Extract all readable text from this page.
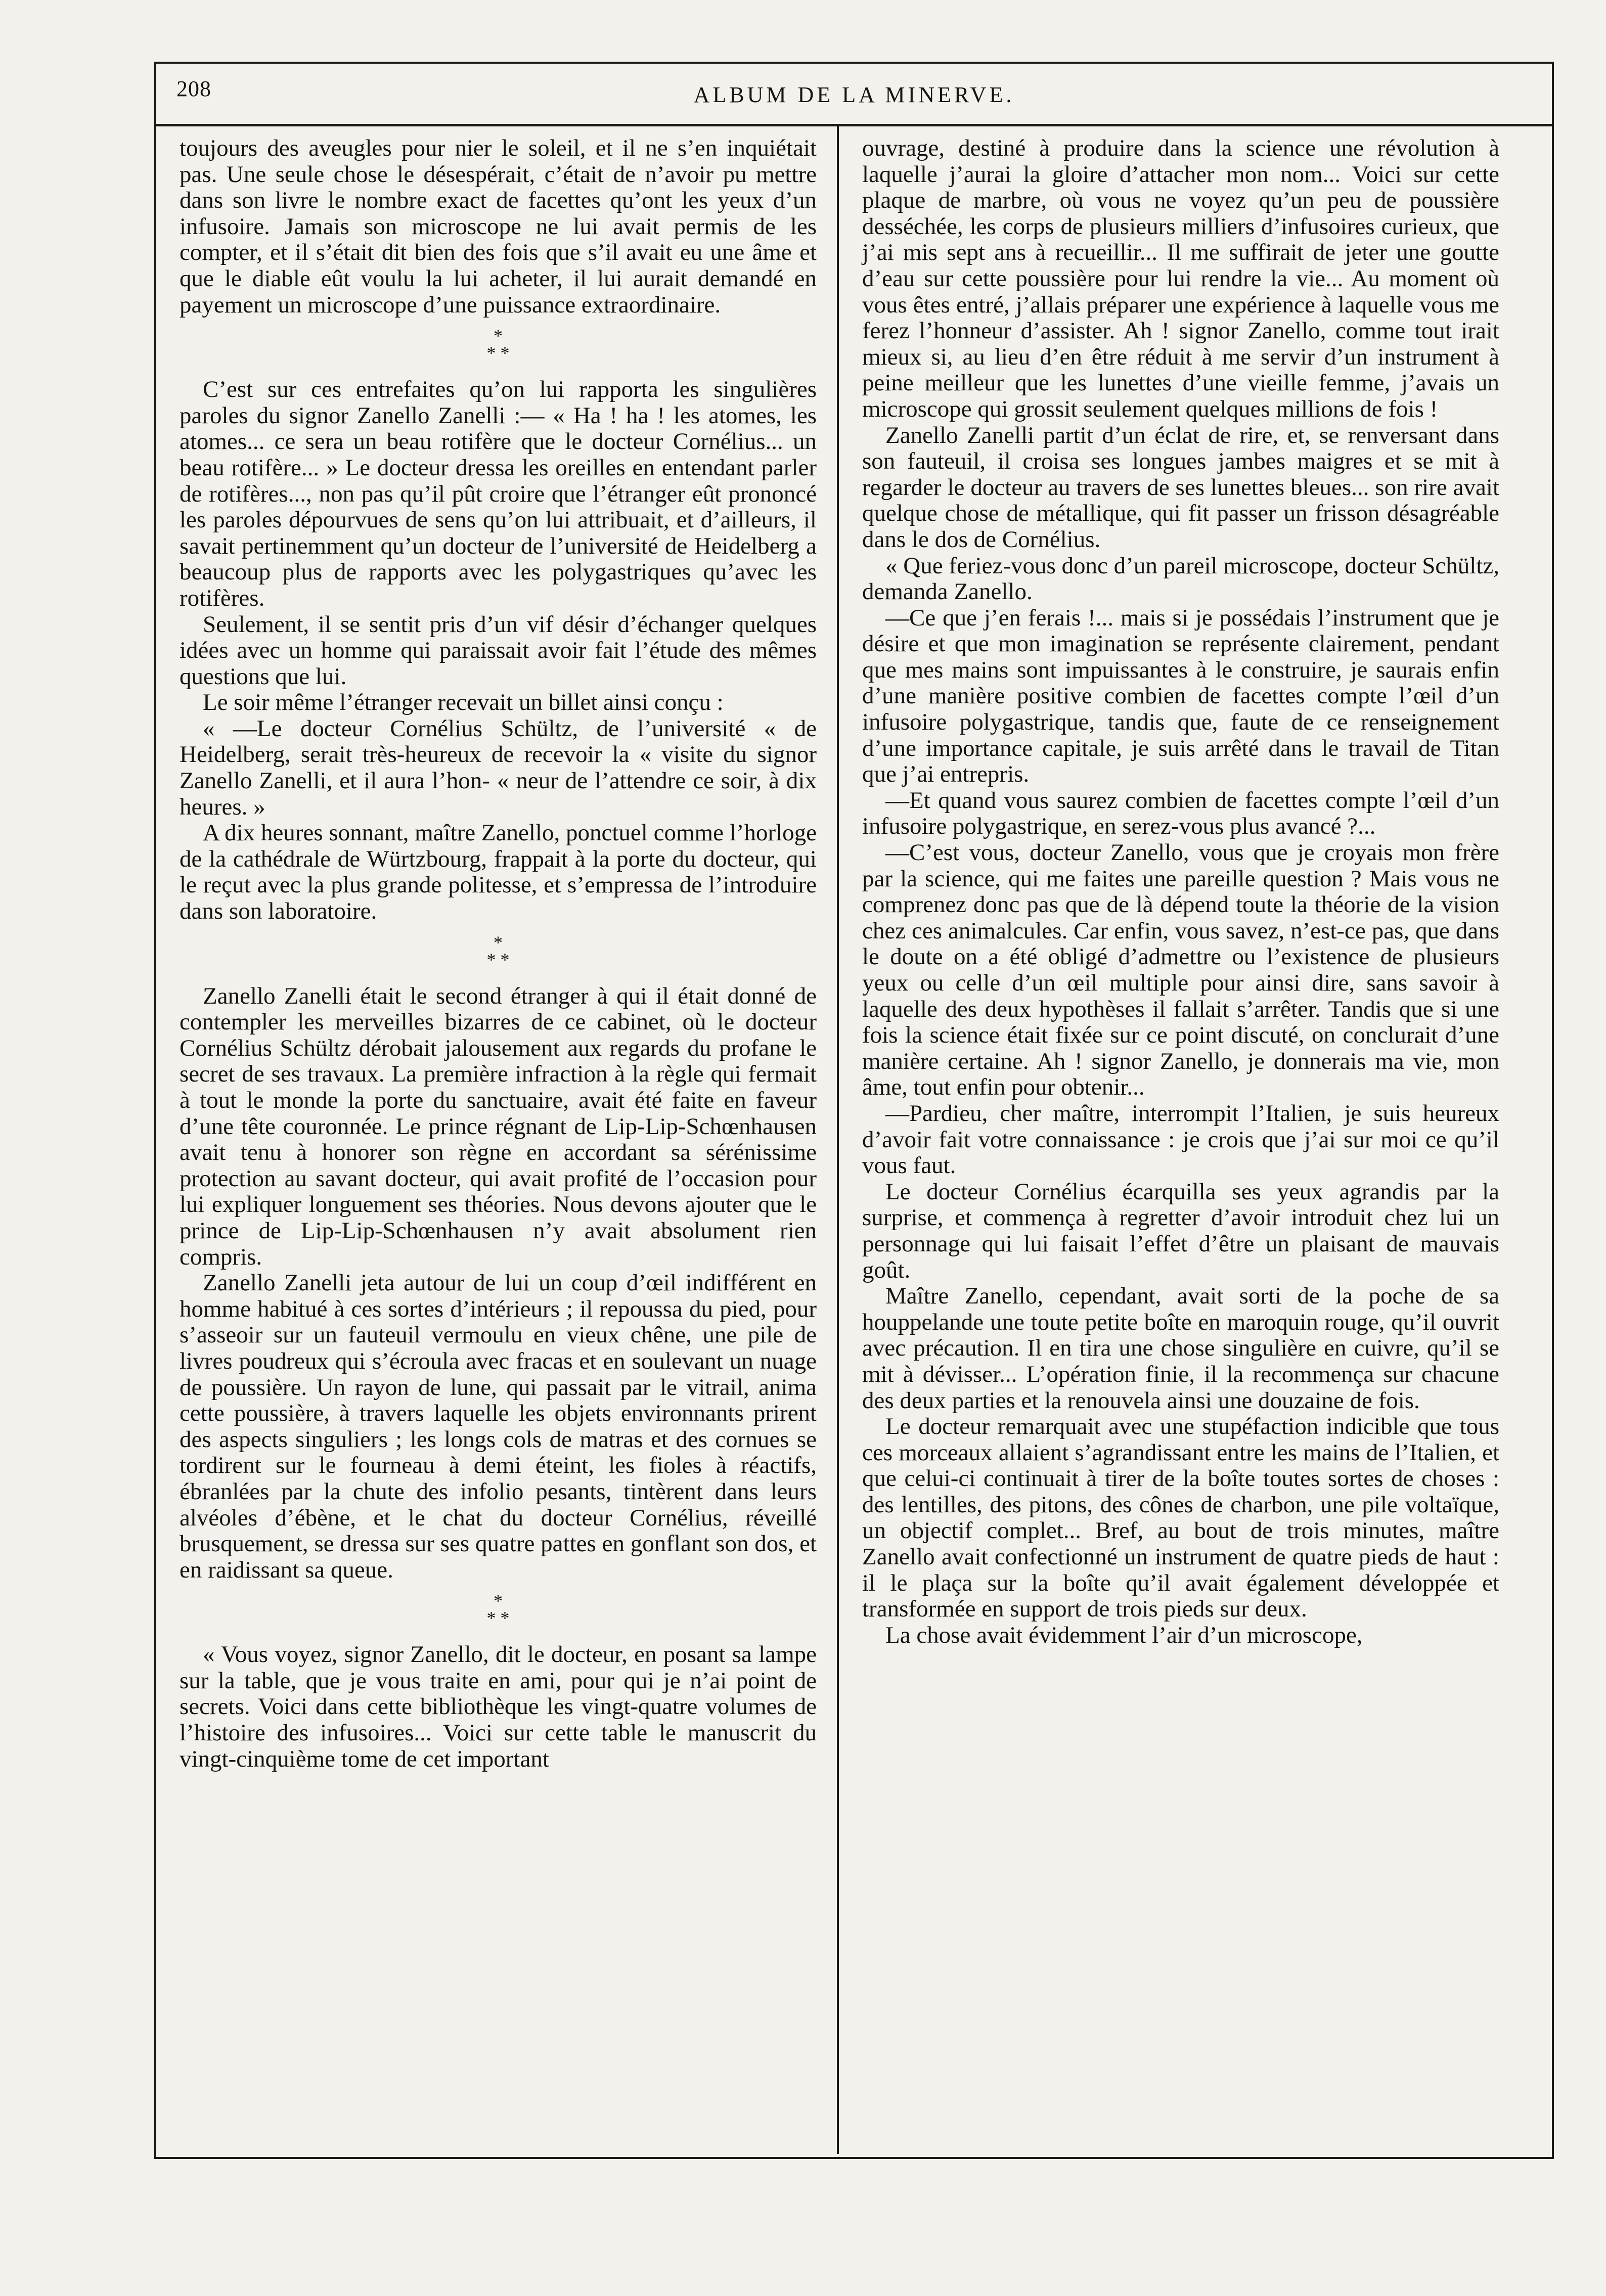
208	ALBUM DE LA MINERVE.

toujours des aveugles pour nier le soleil, et il ne s’en inquiétait pas. Une seule chose le désespérait, c’était de n’avoir pu mettre dans son livre le nombre exact de facettes qu’ont les yeux d’un infusoire. Jamais son microscope ne lui avait permis de les compter, et il s’était dit bien des fois que s’il avait eu une âme et que le diable eût voulu la lui acheter, il lui aurait demandé en payement un microscope d’une puissance extraordinaire.

*
* *

C’est sur ces entrefaites qu’on lui rapporta les singulières paroles du signor Zanello Zanelli :— « Ha ! ha ! les atomes, les atomes... ce sera un beau rotifère que le docteur Cornélius... un beau rotifère... » Le docteur dressa les oreilles en entendant parler de rotifères..., non pas qu’il pût croire que l’étranger eût prononcé les paroles dépourvues de sens qu’on lui attribuait, et d’ailleurs, il savait pertinemment qu’un docteur de l’université de Heidelberg a beaucoup plus de rapports avec les polygastriques qu’avec les rotifères.

Seulement, il se sentit pris d’un vif désir d’échanger quelques idées avec un homme qui paraissait avoir fait l’étude des mêmes questions que lui.

Le soir même l’étranger recevait un billet ainsi conçu :

« —Le docteur Cornélius Schültz, de l’université « de Heidelberg, serait très-heureux de recevoir la « visite du signor Zanello Zanelli, et il aura l’hon- « neur de l’attendre ce soir, à dix heures. »

A dix heures sonnant, maître Zanello, ponctuel comme l’horloge de la cathédrale de Würtzbourg, frappait à la porte du docteur, qui le reçut avec la plus grande politesse, et s’empressa de l’introduire dans son laboratoire.

*
* *

Zanello Zanelli était le second étranger à qui il était donné de contempler les merveilles bizarres de ce cabinet, où le docteur Cornélius Schültz dérobait jalousement aux regards du profane le secret de ses travaux. La première infraction à la règle qui fermait à tout le monde la porte du sanctuaire, avait été faite en faveur d’une tête couronnée. Le prince régnant de Lip-Lip-Schœnhausen avait tenu à honorer son règne en accordant sa sérénissime protection au savant docteur, qui avait profité de l’occasion pour lui expliquer longuement ses théories. Nous devons ajouter que le prince de Lip-Lip-Schœnhausen n’y avait absolument rien compris.

Zanello Zanelli jeta autour de lui un coup d’œil indifférent en homme habitué à ces sortes d’intérieurs ; il repoussa du pied, pour s’asseoir sur un fauteuil vermoulu en vieux chêne, une pile de livres poudreux qui s’écroula avec fracas et en soulevant un nuage de poussière. Un rayon de lune, qui passait par le vitrail, anima cette poussière, à travers laquelle les objets environnants prirent des aspects singuliers ; les longs cols de matras et des cornues se tordirent sur le fourneau à demi éteint, les fioles à réactifs, ébranlées par la chute des infolio pesants, tintèrent dans leurs alvéoles d’ébène, et le chat du docteur Cornélius, réveillé brusquement, se dressa sur ses quatre pattes en gonflant son dos, et en raidissant sa queue.

*
* *

« Vous voyez, signor Zanello, dit le docteur, en posant sa lampe sur la table, que je vous traite en ami, pour qui je n’ai point de secrets. Voici dans cette bibliothèque les vingt-quatre volumes de l’histoire des infusoires... Voici sur cette table le manuscrit du vingt-cinquième tome de cet important

ouvrage, destiné à produire dans la science une révolution à laquelle j’aurai la gloire d’attacher mon nom... Voici sur cette plaque de marbre, où vous ne voyez qu’un peu de poussière desséchée, les corps de plusieurs milliers d’infusoires curieux, que j’ai mis sept ans à recueillir... Il me suffirait de jeter une goutte d’eau sur cette poussière pour lui rendre la vie... Au moment où vous êtes entré, j’allais préparer une expérience à laquelle vous me ferez l’honneur d’assister. Ah ! signor Zanello, comme tout irait mieux si, au lieu d’en être réduit à me servir d’un instrument à peine meilleur que les lunettes d’une vieille femme, j’avais un microscope qui grossit seulement quelques millions de fois !

Zanello Zanelli partit d’un éclat de rire, et, se renversant dans son fauteuil, il croisa ses longues jambes maigres et se mit à regarder le docteur au travers de ses lunettes bleues... son rire avait quelque chose de métallique, qui fit passer un frisson désagréable dans le dos de Cornélius.

« Que feriez-vous donc d’un pareil microscope, docteur Schültz, demanda Zanello.

—Ce que j’en ferais !... mais si je possédais l’instrument que je désire et que mon imagination se représente clairement, pendant que mes mains sont impuissantes à le construire, je saurais enfin d’une manière positive combien de facettes compte l’œil d’un infusoire polygastrique, tandis que, faute de ce renseignement d’une importance capitale, je suis arrêté dans le travail de Titan que j’ai entrepris.

—Et quand vous saurez combien de facettes compte l’œil d’un infusoire polygastrique, en serez-vous plus avancé ?...

—C’est vous, docteur Zanello, vous que je croyais mon frère par la science, qui me faites une pareille question ? Mais vous ne comprenez donc pas que de là dépend toute la théorie de la vision chez ces animalcules. Car enfin, vous savez, n’est-ce pas, que dans le doute on a été obligé d’admettre ou l’existence de plusieurs yeux ou celle d’un œil multiple pour ainsi dire, sans savoir à laquelle des deux hypothèses il fallait s’arrêter. Tandis que si une fois la science était fixée sur ce point discuté, on conclurait d’une manière certaine. Ah ! signor Zanello, je donnerais ma vie, mon âme, tout enfin pour obtenir...

—Pardieu, cher maître, interrompit l’Italien, je suis heureux d’avoir fait votre connaissance : je crois que j’ai sur moi ce qu’il vous faut.

Le docteur Cornélius écarquilla ses yeux agrandis par la surprise, et commença à regretter d’avoir introduit chez lui un personnage qui lui faisait l’effet d’être un plaisant de mauvais goût.

Maître Zanello, cependant, avait sorti de la poche de sa houppelande une toute petite boîte en maroquin rouge, qu’il ouvrit avec précaution. Il en tira une chose singulière en cuivre, qu’il se mit à dévisser... L’opération finie, il la recommença sur chacune des deux parties et la renouvela ainsi une douzaine de fois.

Le docteur remarquait avec une stupéfaction indicible que tous ces morceaux allaient s’agrandissant entre les mains de l’Italien, et que celui-ci continuait à tirer de la boîte toutes sortes de choses : des lentilles, des pitons, des cônes de charbon, une pile voltaïque, un objectif complet... Bref, au bout de trois minutes, maître Zanello avait confectionné un instrument de quatre pieds de haut : il le plaça sur la boîte qu’il avait également développée et transformée en support de trois pieds sur deux.

La chose avait évidemment l’air d’un microscope,
